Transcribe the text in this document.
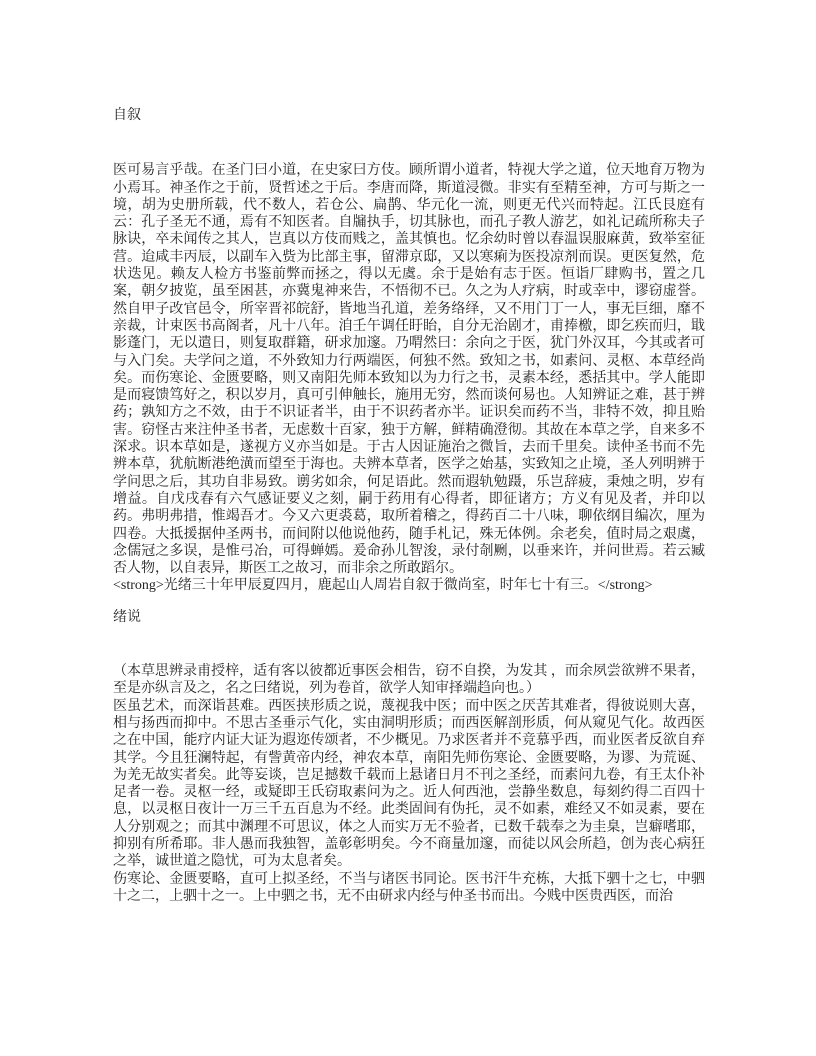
自叙

医可易言乎哉。在圣门曰小道，在史家曰方伎。顾所谓小道者，特视大学之道，位天地育万物为小焉耳。神圣作之于前，贤哲述之于后。李唐而降，斯道浸微。非实有至精至神，方可与斯之一境，胡为史册所载，代不数人，若仓公、扁鹊、华元化一流，则更无代兴而特起。江氏艮庭有云：孔子圣无不通，焉有不知医者。自牖执手，切其脉也，而孔子教人游艺，如礼记疏所称夫子脉诀，卒未闻传之其人，岂真以方伎而贱之，盖其慎也。忆余幼时曾以春温误服麻黄，致举室征营。迨咸丰丙辰，以副车入赀为比部主事，留滞京邸，又以寒痢为医投凉剂而误。更医复然，危状迭见。赖友人检方书鉴前弊而拯之，得以无虞。余于是始有志于医。恒诣厂肆购书，置之几案，朝夕披览，虽至困甚，亦冀鬼神来告，不悟彻不已。久之为人疗病，时或幸中，谬窃虚誉。然自甲子改官邑令，所宰晋祁皖舒，皆地当孔道，差务络绎，又不用门丁一人，事无巨细，靡不亲裁，计束医书高阁者，凡十八年。洎壬午调任盱眙，自分无治剧才，甫捧檄，即乞疾而归，戢影蓬门，无以遣日，则复取群籍，研求加邃。乃喟然曰：余向之于医，犹门外汉耳，今其或者可与入门矣。夫学问之道，不外致知力行两端医，何独不然。致知之书，如素问、灵枢、本草经尚矣。而伤寒论、金匮要略，则又南阳先师本致知以为力行之书，灵素本经，悉括其中。学人能即是而寝馈笃好之，积以岁月，真可引伸触长，施用无穷，然而谈何易也。人知辨证之难，甚于辨药；孰知方之不效，由于不识证者半，由于不识药者亦半。证识矣而药不当，非特不效，抑且贻害。窃怪古来注仲圣书者，无虑数十百家，独于方解，鲜精确澄彻。其故在本草之学，自来多不深求。识本草如是，遂视方义亦当如是。于古人因证施治之微旨，去而千里矣。读仲圣书而不先辨本草，犹航断港绝潢而望至于海也。夫辨本草者，医学之始基，实致知之止境，圣人列明辨于学问思之后，其功自非易致。谫劣如余，何足语此。然而遐轨勉蹑，乐岂辞疲，秉烛之明，岁有增益。自戊戌春有六气感证要义之刻，嗣于药用有心得者，即征诸方；方义有见及者，并印以药。弗明弗措，惟竭吾才。今又六更裘葛，取所着稽之，得药百二十八味，聊依纲目编次，厘为四卷。大抵援据仲圣两书，而间附以他说他药，随手札记，殊无体例。余老矣，值时局之艰虞，念儒冠之多误，是惟弓冶，可得蝉嫣。爰命孙儿智浚，录付剞劂，以垂来许，并问世焉。若云臧否人物，以自表异，斯医工之故习，而非余之所敢蹈尔。

<strong>光绪三十年甲辰夏四月，鹿起山人周岩自叙于微尚室，时年七十有三。</strong>

绪说

（本草思辨录甫授梓，适有客以彼都近事医会相告，窃不自揆，为发其 ，而余夙尝欲辨不果者，至是亦纵言及之，名之曰绪说，列为卷首，欲学人知审择端趋向也。）

医虽艺术，而深诣甚难。西医挟形质之说，蔑视我中医；而中医之厌苦其难者，得彼说则大喜，相与扬西而抑中。不思古圣垂示气化，实由洞明形质；而西医解剖形质，何从窥见气化。故西医之在中国，能疗内证大证为遐迩传颂者，不少概见。乃求医者并不竞慕乎西，而业医者反欲自弃其学。今且狂澜特起，有訾黄帝内经，神农本草，南阳先师伤寒论、金匮要略，为谬、为荒诞、为羌无故实者矣。此等妄谈，岂足撼数千载而上悬诸日月不刊之圣经，而素问九卷，有王太仆补足者一卷。灵枢一经，或疑即王氏窃取素问为之。近人何西池，尝静坐数息，每刻约得二百四十息，以灵枢日夜计一万三千五百息为不经。此类固间有伪托，灵不如素，难经又不如灵素，要在人分别观之；而其中渊理不可思议，体之人而实万无不验者，已数千载奉之为圭臬，岂癖嗜耶，抑别有所希耶。非人愚而我独智，盖彰彰明矣。今不商量加邃，而徒以风会所趋，创为丧心病狂之举，诚世道之隐忧，可为太息者矣。

伤寒论、金匮要略，直可上拟圣经，不当与诸医书同论。医书汗牛充栋，大抵下驷十之七，中驷十之二，上驷十之一。上中驷之书，无不由研求内经与仲圣书而出。今贱中医贵西医，而治
